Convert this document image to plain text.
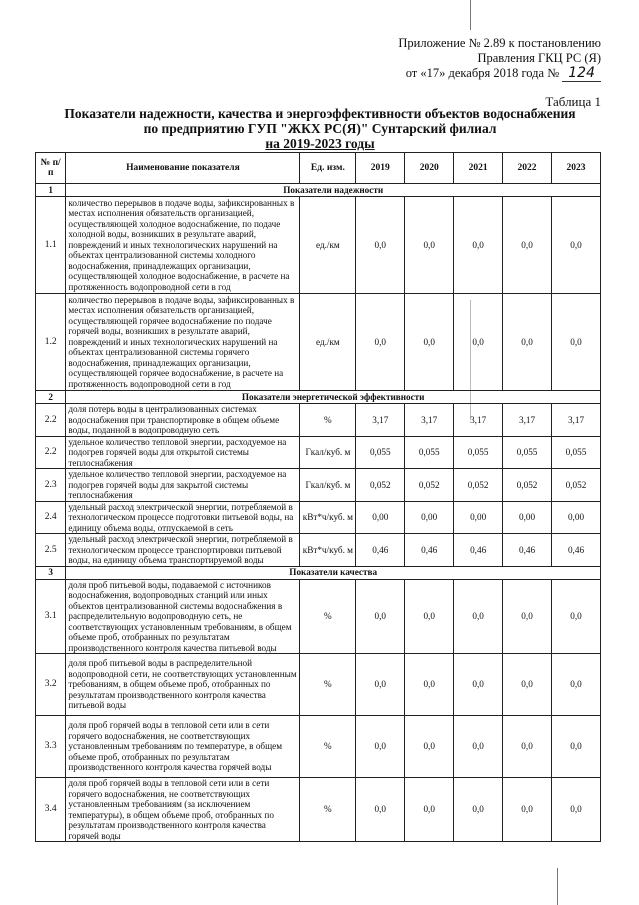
Приложение № 2.89 к постановлению
Правления ГКЦ РС (Я)
от «17» декабря 2018 года № 124
Таблица 1
Показатели надежности, качества и энергоэффективности объектов водоснабжения
по предприятию ГУП "ЖКХ РС(Я)" Сунтарский филиал
на 2019-2023 годы
№ п/п	Наименование показателя	Ед. изм.	2019	2020	2021	2022	2023
1	Показатели надежности						
1.1	количество перерывов в подаче воды, зафиксированных в местах исполнения обязательств организацией, осуществляющей холодное водоснабжение, по подаче холодной воды, возникших в результате аварий, повреждений и иных технологических нарушений на объектах централизованной системы холодного водоснабжения, принадлежащих организации, осуществляющей холодное водоснабжение, в расчете на протяженность водопроводной сети в год	ед./км	0,0	0,0	0,0	0,0	0,0
1.2	количество перерывов в подаче воды, зафиксированных в местах исполнения обязательств организацией, осуществляющей горячее водоснабжение по подаче горячей воды, возникших в результате аварий, повреждений и иных технологических нарушений на объектах централизованной системы горячего водоснабжения, принадлежащих организации, осуществляющей горячее водоснабжение, в расчете на протяженность водопроводной сети в год	ед./км	0,0	0,0	0,0	0,0	0,0
2	Показатели энергетической эффективности						
2.2	доля потерь воды в централизованных системах водоснабжения при транспортировке в общем объеме воды, поданной в водопроводную сеть	%	3,17	3,17	3,17	3,17	3,17
2.2	удельное количество тепловой энергии, расходуемое на подогрев горячей воды для открытой системы теплоснабжения	Гкал/куб. м	0,055	0,055	0,055	0,055	0,055
2.3	удельное количество тепловой энергии, расходуемое на подогрев горячей воды для закрытой системы теплоснабжения	Гкал/куб. м	0,052	0,052	0,052	0,052	0,052
2.4	удельный расход электрической энергии, потребляемой в технологическом процессе подготовки питьевой воды, на единицу объема воды, отпускаемой в сеть	кВт*ч/куб. м	0,00	0,00	0,00	0,00	0,00
2.5	удельный расход электрической энергии, потребляемой в технологическом процессе транспортировки питьевой воды, на единицу объема транспортируемой воды	кВт*ч/куб. м	0,46	0,46	0,46	0,46	0,46
3	Показатели качества						
3.1	доля проб питьевой воды, подаваемой с источников водоснабжения, водопроводных станций или иных объектов централизованной системы водоснабжения в распределительную водопроводную сеть, не соответствующих установленным требованиям, в общем объеме проб, отобранных по результатам производственного контроля качества питьевой воды	%	0,0	0,0	0,0	0,0	0,0
3.2	доля проб питьевой воды в распределительной водопроводной сети, не соответствующих установленным требованиям, в общем объеме проб, отобранных по результатам производственного контроля качества питьевой воды	%	0,0	0,0	0,0	0,0	0,0
3.3	доля проб горячей воды в тепловой сети или в сети горячего водоснабжения, не соответствующих установленным требованиям по температуре, в общем объеме проб, отобранных по результатам производственного контроля качества горячей воды	%	0,0	0,0	0,0	0,0	0,0
3.4	доля проб горячей воды в тепловой сети или в сети горячего водоснабжения, не соответствующих установленным требованиям (за исключением температуры), в общем объеме проб, отобранных по результатам производственного контроля качества горячей воды	%	0,0	0,0	0,0	0,0	0,0
